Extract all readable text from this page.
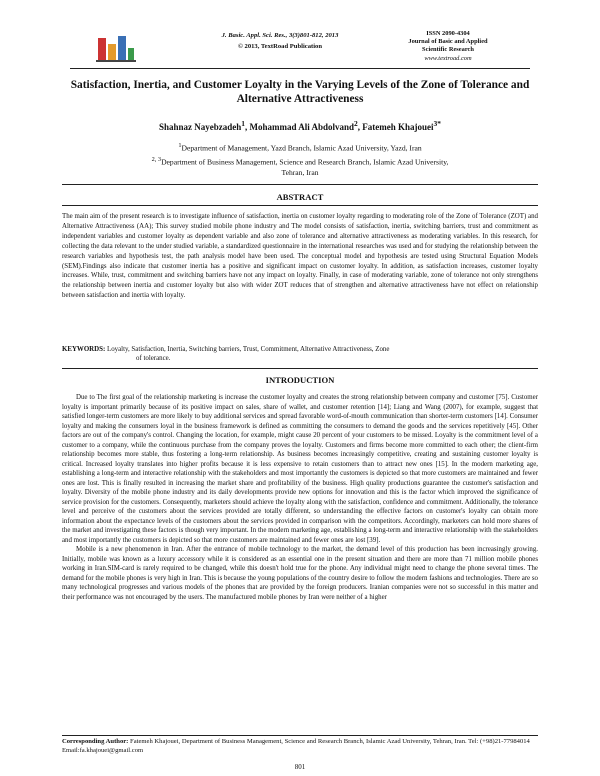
J. Basic. Appl. Sci. Res., 3(3)801-812, 2013
© 2013, TextRoad Publication
ISSN 2090-4304
Journal of Basic and Applied
Scientific Research
www.textroad.com
Satisfaction, Inertia, and Customer Loyalty in the Varying Levels of the Zone of Tolerance and Alternative Attractiveness
Shahnaz Nayebzadeh$^1$, Mohammad Ali Abdolvand$^2$, Fatemeh Khajouei$^{3*}$
$^1$Department of Management, Yazd Branch, Islamic Azad University, Yazd, Iran
$^{2, 3}$Department of Business Management, Science and Research Branch, Islamic Azad University,
Tehran, Iran
ABSTRACT
The main aim of the present research is to investigate influence of satisfaction, inertia on customer loyalty regarding to moderating role of the Zone of Tolerance (ZOT) and Alternative Attractiveness (AA); This survey studied mobile phone industry and The model consists of satisfaction, inertia, switching barriers, trust and commitment as independent variables and customer loyalty as dependent variable and also zone of tolerance and alternative attractiveness as moderating variables. In this research, for collecting the data relevant to the under studied variable, a standardized questionnaire in the international researches was used and for studying the relationship between the research variables and hypothesis test, the path analysis model have been used. The conceptual model and hypothesis are tested using Structural Equation Models (SEM).Findings also indicate that customer inertia has a positive and significant impact on customer loyalty. In addition, as satisfaction increases, customer loyalty increases. While, trust, commitment and switching barriers have not any impact on loyalty. Finally, in case of moderating variable, zone of tolerance not only strengthens the relationship between inertia and customer loyalty but also with wider ZOT reduces that of strengthen and alternative attractiveness have not effect on relationship between satisfaction and inertia with loyalty.
KEYWORDS: Loyalty, Satisfaction, Inertia, Switching barriers, Trust, Commitment, Alternative Attractiveness, Zone
of tolerance.
INTRODUCTION

Due to The first goal of the relationship marketing is increase the customer loyalty and creates the strong relationship between company and customer [75]. Customer loyalty is important primarily because of its positive impact on sales, share of wallet, and customer retention [14]; Liang and Wang (2007), for example, suggest that satisfied longer-term customers are more likely to buy additional services and spread favorable word-of-mouth communication than shorter-term customers [14]. Consumer loyalty and making the consumers loyal in the business framework is defined as committing the consumers to demand the goods and the services repetitively [45]. Other factors are out of the company's control. Changing the location, for example, might cause 20 percent of your customers to be missed. Loyalty is the commitment level of a customer to a company, while the continuous purchase from the company proves the loyalty. Customers and firms become more committed to each other; the client-firm relationship becomes more stable, thus fostering a long-term relationship. As business becomes increasingly competitive, creating and sustaining customer loyalty is critical. Increased loyalty translates into higher profits because it is less expensive to retain customers than to attract new ones [15]. In the modern marketing age, establishing a long-term and interactive relationship with the stakeholders and most importantly the customers is depicted so that more customers are maintained and fewer ones are lost. This is finally resulted in increasing the market share and profitability of the business. High quality productions guarantee the customer's satisfaction and loyalty. Diversity of the mobile phone industry and its daily developments provide new options for innovation and this is the factor which improved the significance of service provision for the customers. Consequently, marketers should achieve the loyalty along with the satisfaction, confidence and commitment. Additionally, the tolerance level and perceive of the customers about the services provided are totally different, so understanding the effective factors on customer's loyalty can obtain more information about the expectance levels of the customers about the services provided in comparison with the competitors. Accordingly, marketers can hold more shares of the market and investigating these factors is though very important. In the modern marketing age, establishing a long-term and interactive relationship with the stakeholders and most importantly the customers is depicted so that more customers are maintained and fewer ones are lost [39].

Mobile is a new phenomenon in Iran. After the entrance of mobile technology to the market, the demand level of this production has been increasingly growing. Initially, mobile was known as a luxury accessory while it is considered as an essential one in the present situation and there are more than 71 million mobile phones working in Iran.SIM-card is rarely required to be changed, while this doesn't hold true for the phone. Any individual might need to change the phone several times. The demand for the mobile phones is very high in Iran. This is because the young populations of the country desire to follow the modern fashions and technologies. There are so many technological progresses and various models of the phones that are provided by the foreign producers. Iranian companies were not so successful in this matter and their performance was not encouraged by the users. The manufactured mobile phones by Iran were neither of a higher

Corresponding Author: Fatemeh Khajouei, Department of Business Management, Science and Research Branch, Islamic Azad University, Tehran, Iran. Tel: (+98)21-77984014 Email:fa.khajouei@gmail.com
801
